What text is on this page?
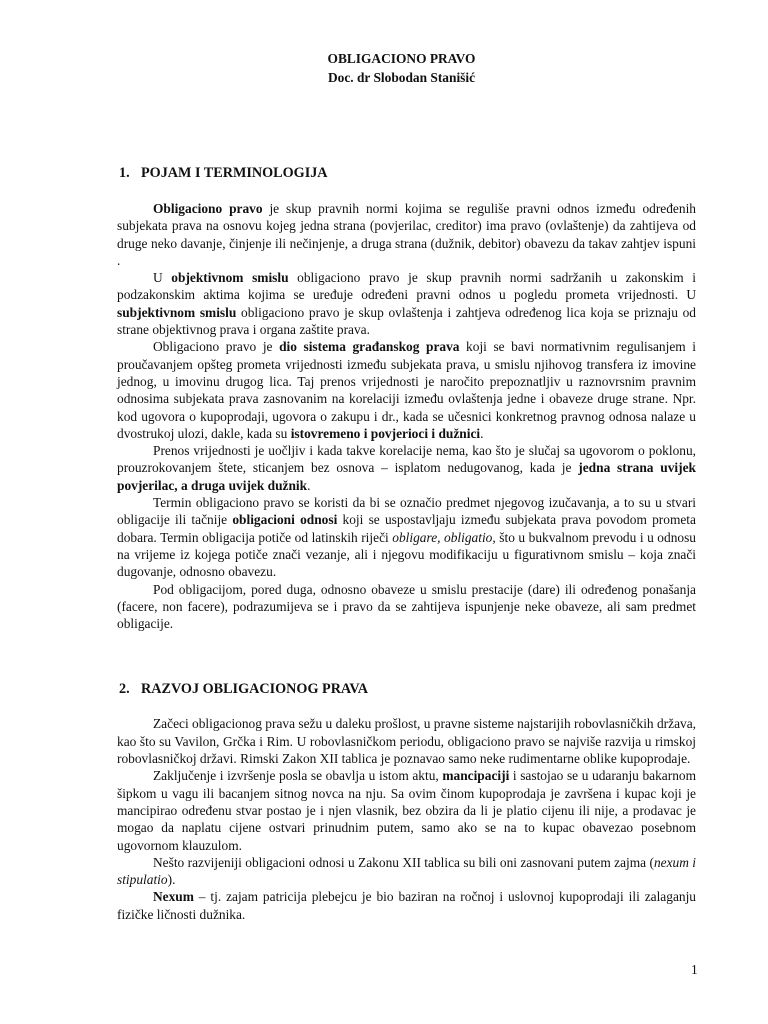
OBLIGACIONO PRAVO
Doc. dr Slobodan Stanišić
1. POJAM I TERMINOLOGIJA

Obligaciono pravo je skup pravnih normi kojima se reguliše pravni odnos između određenih subjekata prava na osnovu kojeg jedna strana (povjerilac, creditor) ima pravo (ovlaštenje) da zahtijeva od druge neko davanje, činjenje ili nečinjenje, a druga strana (dužnik, debitor) obavezu da takav zahtjev ispuni .

U objektivnom smislu obligaciono pravo je skup pravnih normi sadržanih u zakonskim i podzakonskim aktima kojima se uređuje određeni pravni odnos u pogledu prometa vrijednosti. U subjektivnom smislu obligaciono pravo je skup ovlaštenja i zahtjeva određenog lica koja se priznaju od strane objektivnog prava i organa zaštite prava.

Obligaciono pravo je dio sistema građanskog prava koji se bavi normativnim regulisanjem i proučavanjem opšteg prometa vrijednosti između subjekata prava, u smislu njihovog transfera iz imovine jednog, u imovinu drugog lica. Taj prenos vrijednosti je naročito prepoznatljiv u raznovrsnim pravnim odnosima subjekata prava zasnovanim na korelaciji između ovlaštenja jedne i obaveze druge strane. Npr. kod ugovora o kupoprodaji, ugovora o zakupu i dr., kada se učesnici konkretnog pravnog odnosa nalaze u dvostrukoj ulozi, dakle, kada su istovremeno i povjerioci i dužnici.

Prenos vrijednosti je uočljiv i kada takve korelacije nema, kao što je slučaj sa ugovorom o poklonu, prouzrokovanjem štete, sticanjem bez osnova – isplatom nedugovanog, kada je jedna strana uvijek povjerilac, a druga uvijek dužnik.

Termin obligaciono pravo se koristi da bi se označio predmet njegovog izučavanja, a to su u stvari obligacije ili tačnije obligacioni odnosi koji se uspostavljaju između subjekata prava povodom prometa dobara. Termin obligacija potiče od latinskih riječi obligare, obligatio, što u bukvalnom prevodu i u odnosu na vrijeme iz kojega potiče znači vezanje, ali i njegovu modifikaciju u figurativnom smislu – koja znači dugovanje, odnosno obavezu.

Pod obligacijom, pored duga, odnosno obaveze u smislu prestacije (dare) ili određenog ponašanja (facere, non facere), podrazumijeva se i pravo da se zahtijeva ispunjenje neke obaveze, ali sam predmet obligacije.

2. RAZVOJ OBLIGACIONOG PRAVA

Začeci obligacionog prava sežu u daleku prošlost, u pravne sisteme najstarijih robovlasničkih država, kao što su Vavilon, Grčka i Rim. U robovlasničkom periodu, obligaciono pravo se najviše razvija u rimskoj robovlasničkoj državi. Rimski Zakon XII tablica je poznavao samo neke rudimentarne oblike kupoprodaje.

Zaključenje i izvršenje posla se obavlja u istom aktu, mancipaciji i sastojao se u udaranju bakarnom šipkom u vagu ili bacanjem sitnog novca na nju. Sa ovim činom kupoprodaja je završena i kupac koji je mancipirao određenu stvar postao je i njen vlasnik, bez obzira da li je platio cijenu ili nije, a prodavac je mogao da naplatu cijene ostvari prinudnim putem, samo ako se na to kupac obavezao posebnom ugovornom klauzulom.

Nešto razvijeniji obligacioni odnosi u Zakonu XII tablica su bili oni zasnovani putem zajma (nexum i stipulatio).

Nexum – tj. zajam patricija plebejcu je bio baziran na ročnoj i uslovnoj kupoprodaji ili zalaganju fizičke ličnosti dužnika.

1
